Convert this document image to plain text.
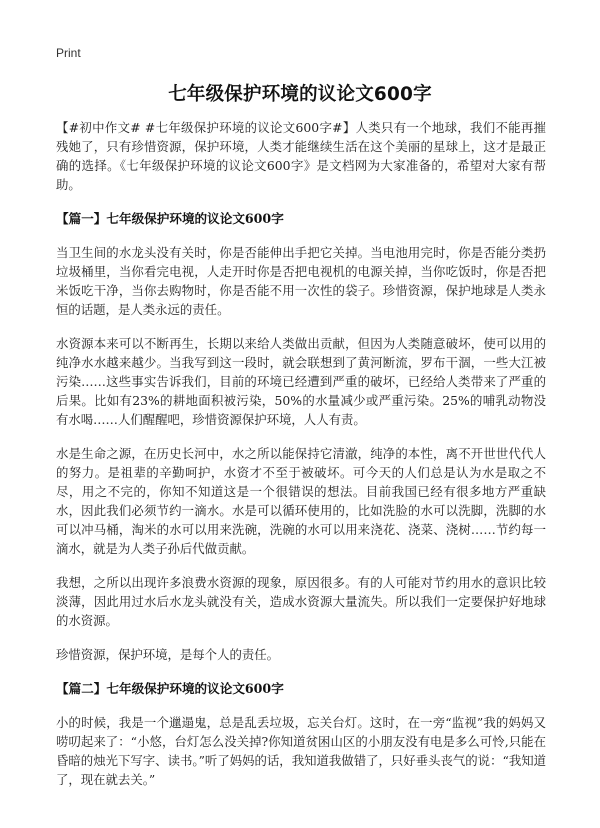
Print
七年级保护环境的议论文600字

【#初中作文# #七年级保护环境的议论文600字#】人类只有一个地球，我们不能再摧残她了，只有珍惜资源，保护环境，人类才能继续生活在这个美丽的星球上，这才是最正确的选择。《七年级保护环境的议论文600字》是文档网为大家准备的，希望对大家有帮助。

【篇一】七年级保护环境的议论文600字

当卫生间的水龙头没有关时，你是否能伸出手把它关掉。当电池用完时，你是否能分类扔垃圾桶里，当你看完电视，人走开时你是否把电视机的电源关掉，当你吃饭时，你是否把米饭吃干净，当你去购物时，你是否能不用一次性的袋子。珍惜资源，保护地球是人类永恒的话题，是人类永远的责任。

水资源本来可以不断再生，长期以来给人类做出贡献，但因为人类随意破坏，使可以用的纯净水水越来越少。当我写到这一段时，就会联想到了黄河断流，罗布干涸，一些大江被污染……这些事实告诉我们，目前的环境已经遭到严重的破坏，已经给人类带来了严重的后果。比如有23%的耕地面积被污染，50%的水量减少或严重污染。25%的哺乳动物没有水喝……人们醒醒吧，珍惜资源保护环境，人人有责。

水是生命之源，在历史长河中，水之所以能保持它清澈，纯净的本性，离不开世世代代人的努力。是祖辈的辛勤呵护，水资才不至于被破坏。可今天的人们总是认为水是取之不尽，用之不完的，你知不知道这是一个很错误的想法。目前我国已经有很多地方严重缺水，因此我们必须节约一滴水。水是可以循环使用的，比如洗脸的水可以洗脚，洗脚的水可以冲马桶，淘米的水可以用来洗碗，洗碗的水可以用来浇花、浇菜、浇树……节约每一滴水，就是为人类子孙后代做贡献。

我想，之所以出现许多浪费水资源的现象，原因很多。有的人可能对节约用水的意识比较淡薄，因此用过水后水龙头就没有关，造成水资源大量流失。所以我们一定要保护好地球的水资源。

珍惜资源，保护环境，是每个人的责任。

【篇二】七年级保护环境的议论文600字

小的时候，我是一个邋遢鬼，总是乱丢垃圾，忘关台灯。这时，在一旁“监视”我的妈妈又唠叨起来了：“小悠，台灯怎么没关掉?你知道贫困山区的小朋友没有电是多么可怜,只能在昏暗的烛光下写字、读书。”听了妈妈的话，我知道我做错了，只好垂头丧气的说：“我知道了，现在就去关。”
